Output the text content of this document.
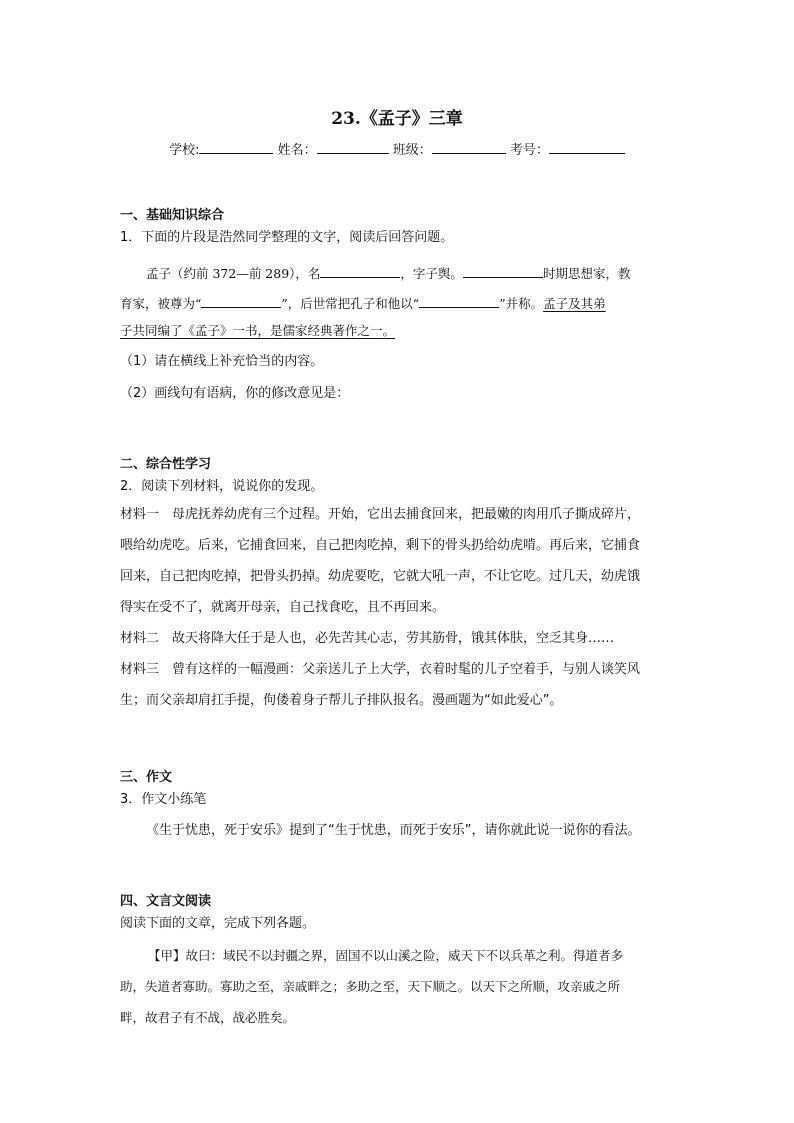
23.《孟子》三章
学校:	姓名：	班级：	考号：
一、基础知识综合
1．下面的片段是浩然同学整理的文字，阅读后回答问题。
孟子（约前 372—前 289），名	，字子舆。	时期思想家，教
育家，被尊为“	”，后世常把孔子和他以“	”并称。孟子及其弟
子共同编了《孟子》一书，是儒家经典著作之一。
（1）请在横线上补充恰当的内容。
（2）画线句有语病，你的修改意见是：
二、综合性学习
2．阅读下列材料，说说你的发现。

材料一　母虎抚养幼虎有三个过程。开始，它出去捕食回来，把最嫩的肉用爪子撕成碎片，

喂给幼虎吃。后来，它捕食回来，自己把肉吃掉，剩下的骨头扔给幼虎啃。再后来，它捕食

回来，自己把肉吃掉，把骨头扔掉。幼虎要吃，它就大吼一声，不让它吃。过几天，幼虎饿

得实在受不了，就离开母亲，自己找食吃，且不再回来。

材料二　故天将降大任于是人也，必先苦其心志，劳其筋骨，饿其体肤，空乏其身……

材料三　曾有这样的一幅漫画：父亲送儿子上大学，衣着时髦的儿子空着手，与别人谈笑风

生；而父亲却肩扛手提，佝偻着身子帮儿子排队报名。漫画题为“如此爱心”。

三、作文
3．作文小练笔
《生于忧患，死于安乐》提到了“生于忧患，而死于安乐”，请你就此说一说你的看法。
四、文言文阅读
阅读下面的文章，完成下列各题。
【甲】故曰：域民不以封疆之界，固国不以山溪之险，威天下不以兵革之利。得道者多
助，失道者寡助。寡助之至，亲戚畔之；多助之至，天下顺之。以天下之所顺，攻亲戚之所
畔，故君子有不战，战必胜矣。
